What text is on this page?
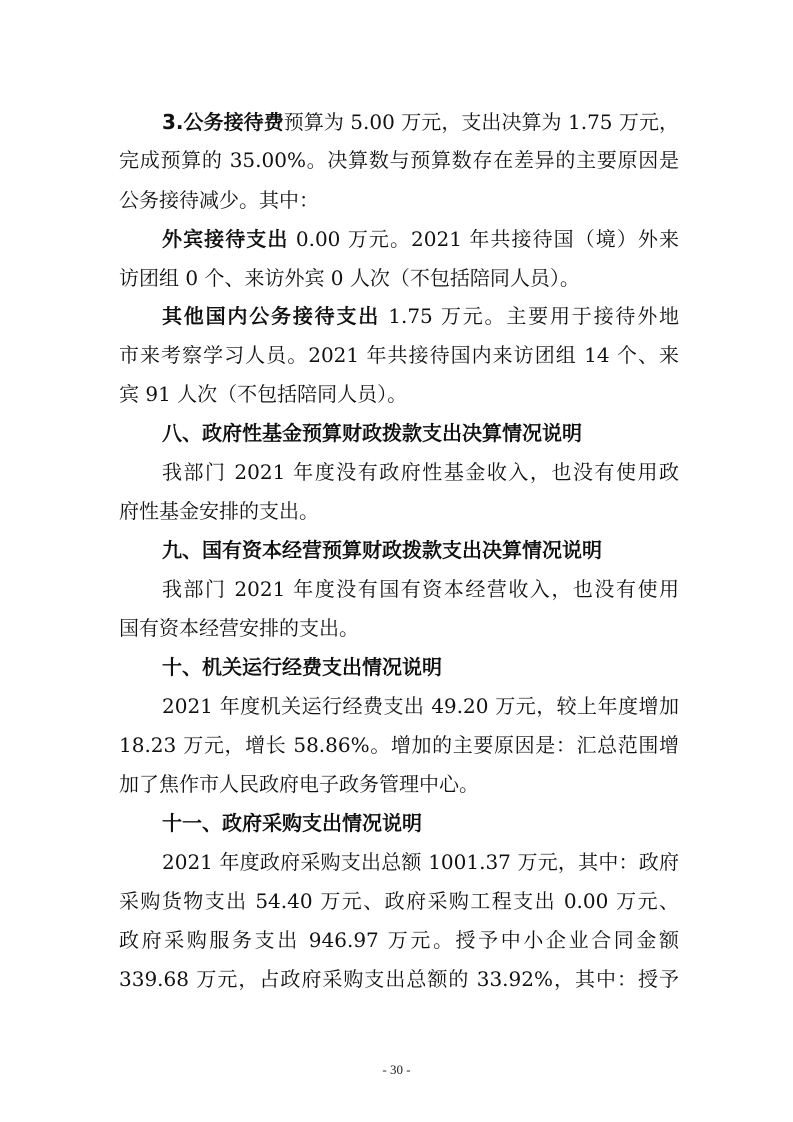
3.公务接待费预算为 5.00 万元，支出决算为 1.75 万元，
完成预算的 35.00%。决算数与预算数存在差异的主要原因是
公务接待减少。其中：
外宾接待支出 0.00 万元。2021 年共接待国（境）外来
访团组 0 个、来访外宾 0 人次（不包括陪同人员）。
其他国内公务接待支出 1.75 万元。主要用于接待外地
市来考察学习人员。2021 年共接待国内来访团组 14 个、来
宾 91 人次（不包括陪同人员）。
八、政府性基金预算财政拨款支出决算情况说明
我部门 2021 年度没有政府性基金收入，也没有使用政
府性基金安排的支出。
九、国有资本经营预算财政拨款支出决算情况说明
我部门 2021 年度没有国有资本经营收入，也没有使用
国有资本经营安排的支出。
十、机关运行经费支出情况说明
2021 年度机关运行经费支出 49.20 万元，较上年度增加
18.23 万元，增长 58.86%。增加的主要原因是：汇总范围增
加了焦作市人民政府电子政务管理中心。
十一、政府采购支出情况说明
2021 年度政府采购支出总额 1001.37 万元，其中：政府
采购货物支出 54.40 万元、政府采购工程支出 0.00 万元、
政府采购服务支出 946.97 万元。授予中小企业合同金额
339.68 万元，占政府采购支出总额的 33.92%，其中：授予
- 30 -
